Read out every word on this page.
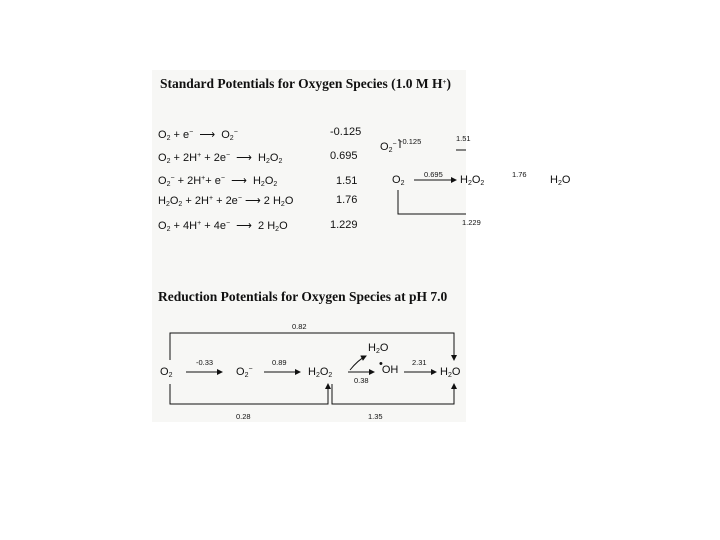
Standard Potentials for Oxygen Species (1.0 M H+)
$O_2 + e^-$  ⟶  $O_2^-$	-0.125
$O_2 + 2H^+ + 2e^-$  ⟶  $H_2O_2$	0.695
$O_2^- + 2H^++ e^-$  ⟶  $H_2O_2$	1.51
$H_2O_2 + 2H^+ + 2e^-$ ⟶ 2 $H_2O$	1.76
$O_2 + 4H^+ + 4e^-$  ⟶  2 $H_2O$	1.229
$O_2^-$
$O_2$	$H_2O_2$	$H_2O$
-0.125	1.51
0.695	1.76
1.229
Reduction Potentials for Oxygen Species at pH 7.0
$O_2$	$O_2^-$	$H_2O_2$
•OH
$H_2O$
$H_2O$
0.82
-0.33	0.89
0.38
2.31
0.28	1.35
